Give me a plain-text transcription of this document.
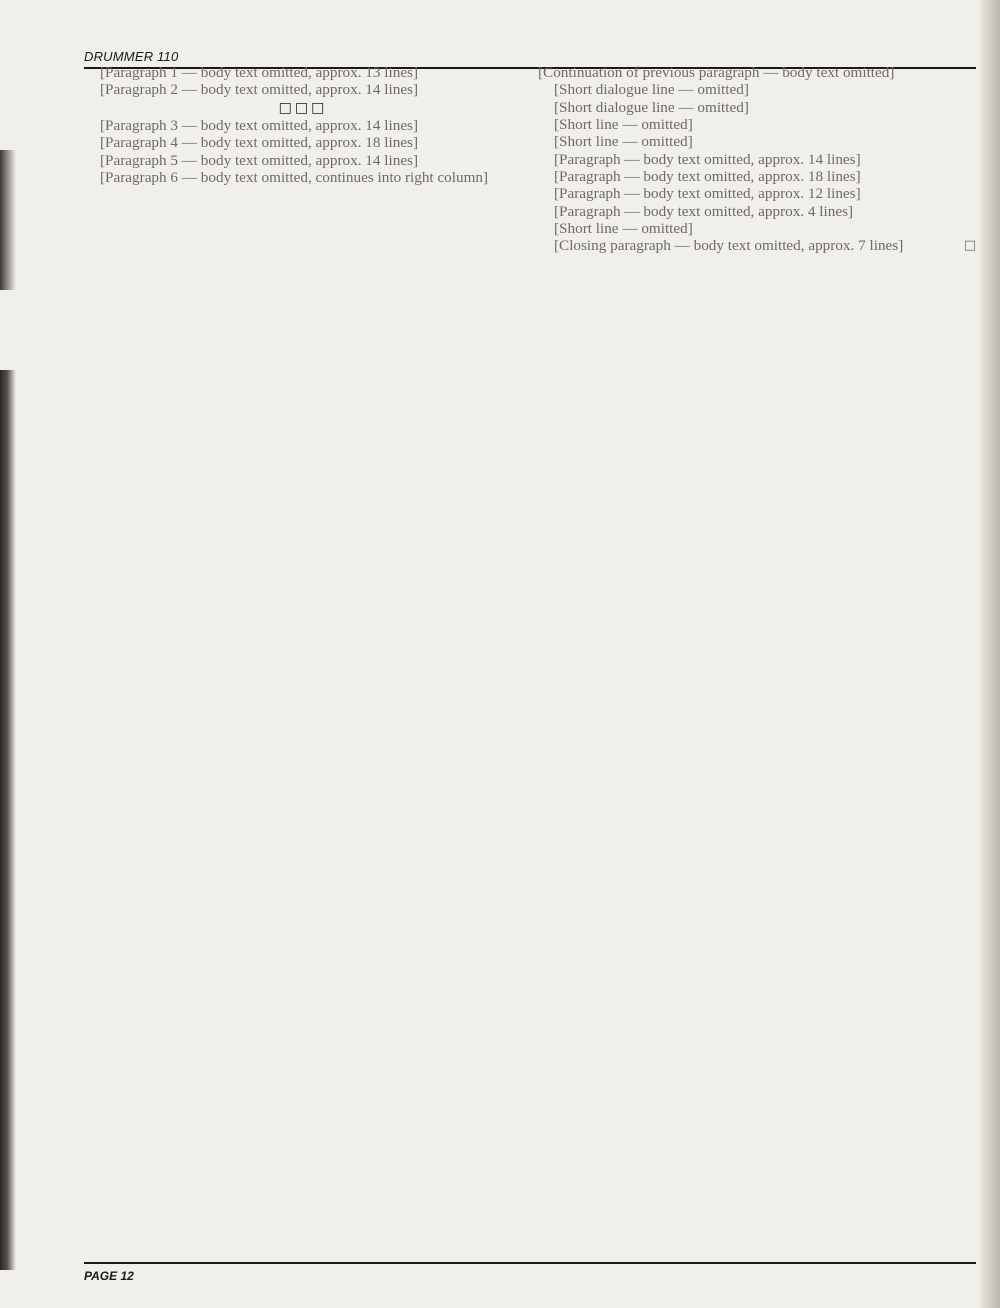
DRUMMER 110

[Paragraph 1 — body text omitted, approx. 13 lines]

[Paragraph 2 — body text omitted, approx. 14 lines]

□□□

[Paragraph 3 — body text omitted, approx. 14 lines]

[Paragraph 4 — body text omitted, approx. 18 lines]

[Paragraph 5 — body text omitted, approx. 14 lines]

[Paragraph 6 — body text omitted, continues into right column]

[Continuation of previous paragraph — body text omitted]

[Short dialogue line — omitted]

[Short dialogue line — omitted]

[Short line — omitted]

[Short line — omitted]

[Paragraph — body text omitted, approx. 14 lines]

[Paragraph — body text omitted, approx. 18 lines]

[Paragraph — body text omitted, approx. 12 lines]

[Paragraph — body text omitted, approx. 4 lines]

[Short line — omitted]

[Closing paragraph — body text omitted, approx. 7 lines]	□

PAGE 12
